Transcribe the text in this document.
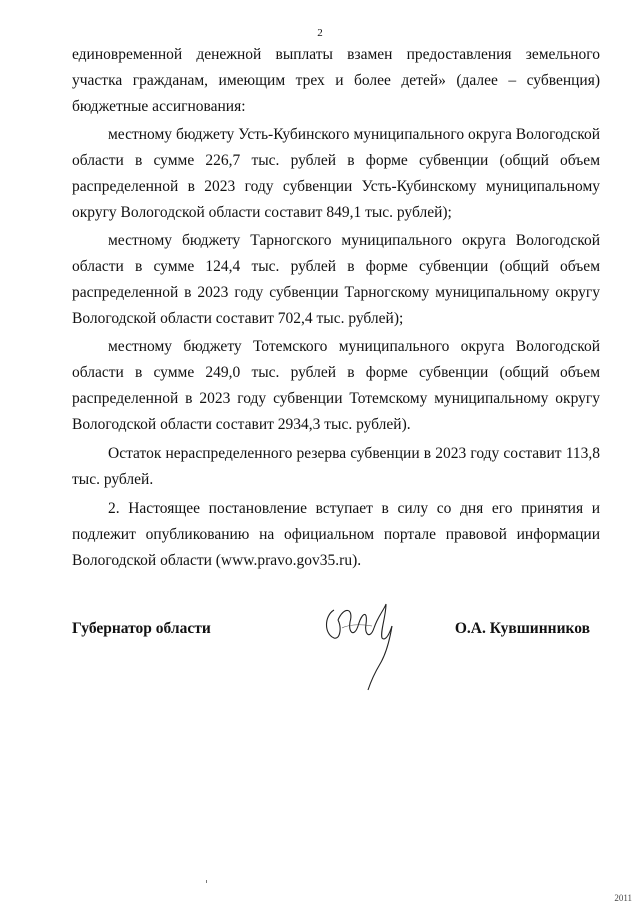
2

единовременной денежной выплаты взамен предоставления земельного участка гражданам, имеющим трех и более детей» (далее – субвенция) бюджетные ассигнования:

местному бюджету Усть-Кубинского муниципального округа Вологодской области в сумме 226,7 тыс. рублей в форме субвенции (общий объем распределенной в 2023 году субвенции Усть-Кубинскому муниципальному округу Вологодской области составит 849,1 тыс. рублей);

местному бюджету Тарногского муниципального округа Вологодской области в сумме 124,4 тыс. рублей в форме субвенции (общий объем распределенной в 2023 году субвенции Тарногскому муниципальному округу Вологодской области составит 702,4 тыс. рублей);

местному бюджету Тотемского муниципального округа Вологодской области в сумме 249,0 тыс. рублей в форме субвенции (общий объем распределенной в 2023 году субвенции Тотемскому муниципальному округу Вологодской области составит 2934,3 тыс. рублей).

Остаток нераспределенного резерва субвенции в 2023 году составит 113,8 тыс. рублей.

2. Настоящее постановление вступает в силу со дня его принятия и подлежит опубликованию на официальном портале правовой информации Вологодской области (www.pravo.gov35.ru).

Губернатор области	О.А. Кувшинников
2011
